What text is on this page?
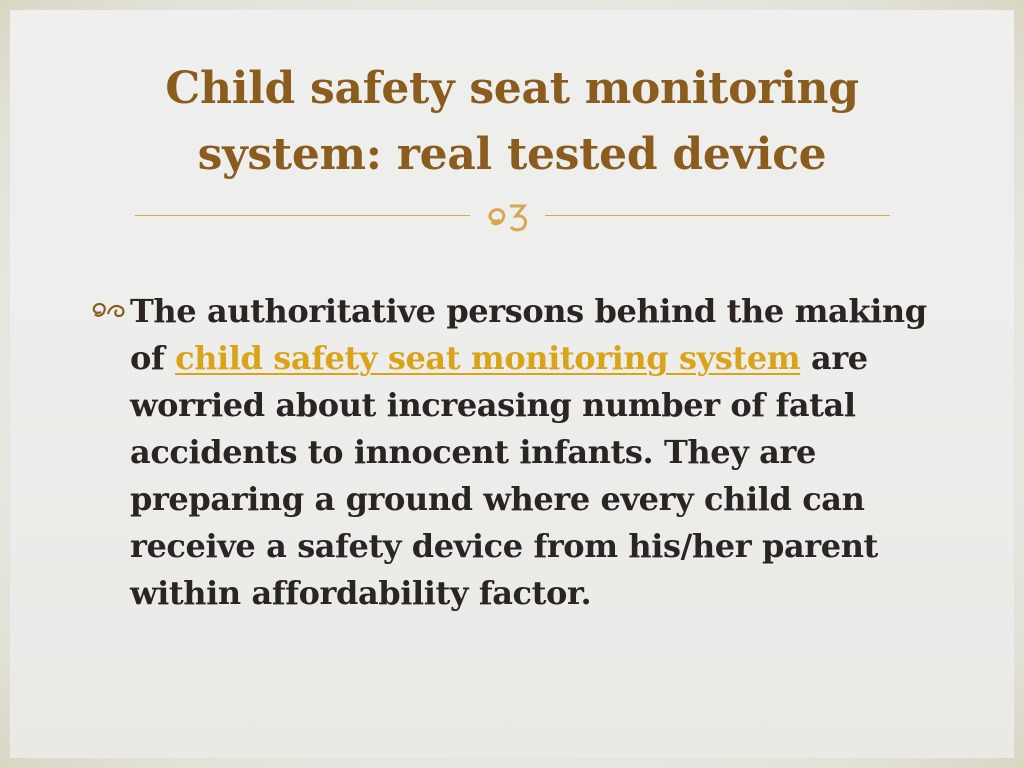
Child safety seat monitoring
system: real tested device
The authoritative persons behind the making of child safety seat monitoring system are worried about increasing number of fatal accidents to innocent infants. They are preparing a ground where every child can receive a safety device from his/her parent within affordability factor.
